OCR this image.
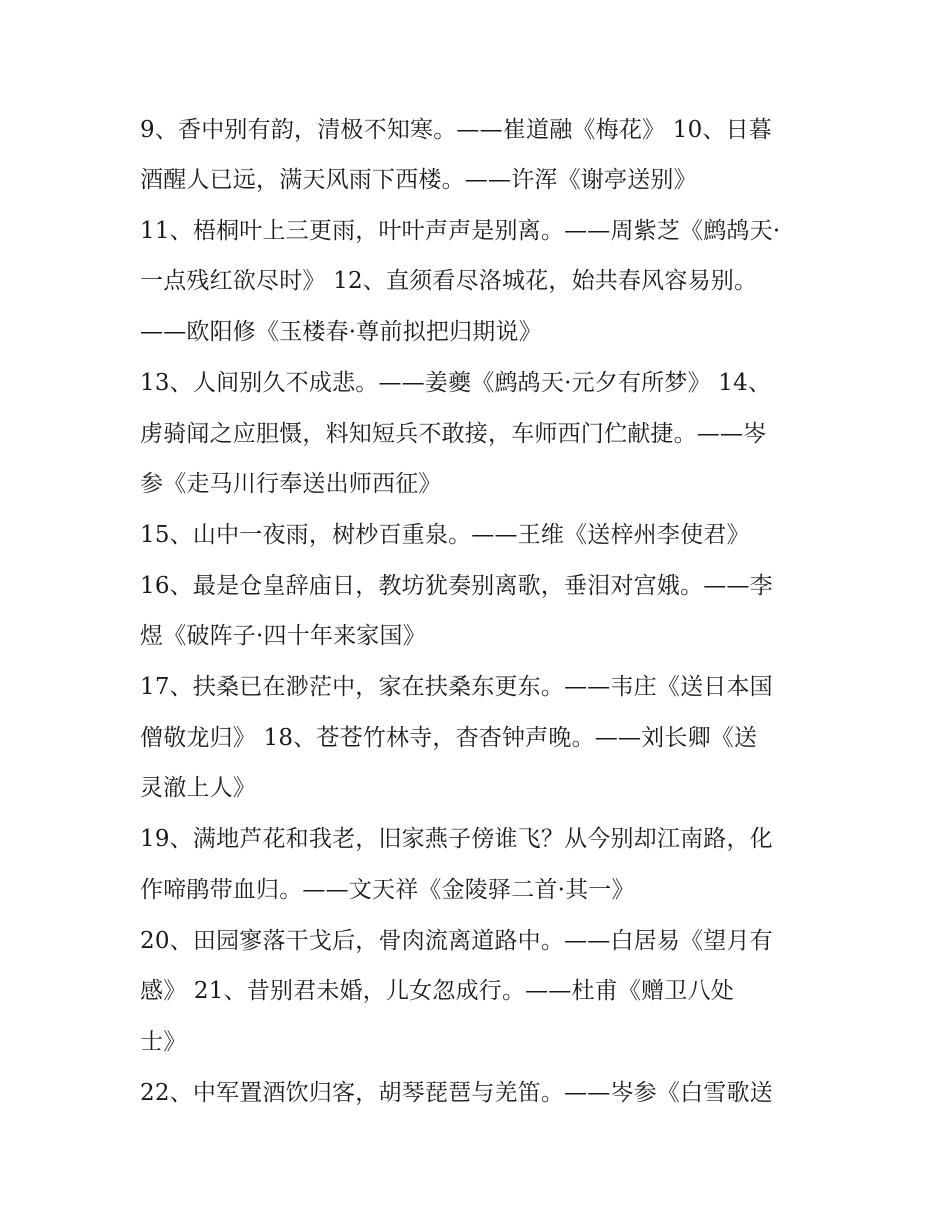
9、香中别有韵，清极不知寒。——崔道融《梅花》 10、日暮
酒醒人已远，满天风雨下西楼。——许浑《谢亭送别》
11、梧桐叶上三更雨，叶叶声声是别离。——周紫芝《鹧鸪天·
一点残红欲尽时》 12、直须看尽洛城花，始共春风容易别。
——欧阳修《玉楼春·尊前拟把归期说》
13、人间别久不成悲。——姜夔《鹧鸪天·元夕有所梦》 14、
虏骑闻之应胆慑，料知短兵不敢接，车师西门伫献捷。——岑
参《走马川行奉送出师西征》
15、山中一夜雨，树杪百重泉。——王维《送梓州李使君》
16、最是仓皇辞庙日，教坊犹奏别离歌，垂泪对宫娥。——李
煜《破阵子·四十年来家国》
17、扶桑已在渺茫中，家在扶桑东更东。——韦庄《送日本国
僧敬龙归》 18、苍苍竹林寺，杳杳钟声晚。——刘长卿《送
灵澈上人》
19、满地芦花和我老，旧家燕子傍谁飞？从今别却江南路，化
作啼鹃带血归。——文天祥《金陵驿二首·其一》
20、田园寥落干戈后，骨肉流离道路中。——白居易《望月有
感》 21、昔别君未婚，儿女忽成行。——杜甫《赠卫八处
士》
22、中军置酒饮归客，胡琴琵琶与羌笛。——岑参《白雪歌送
